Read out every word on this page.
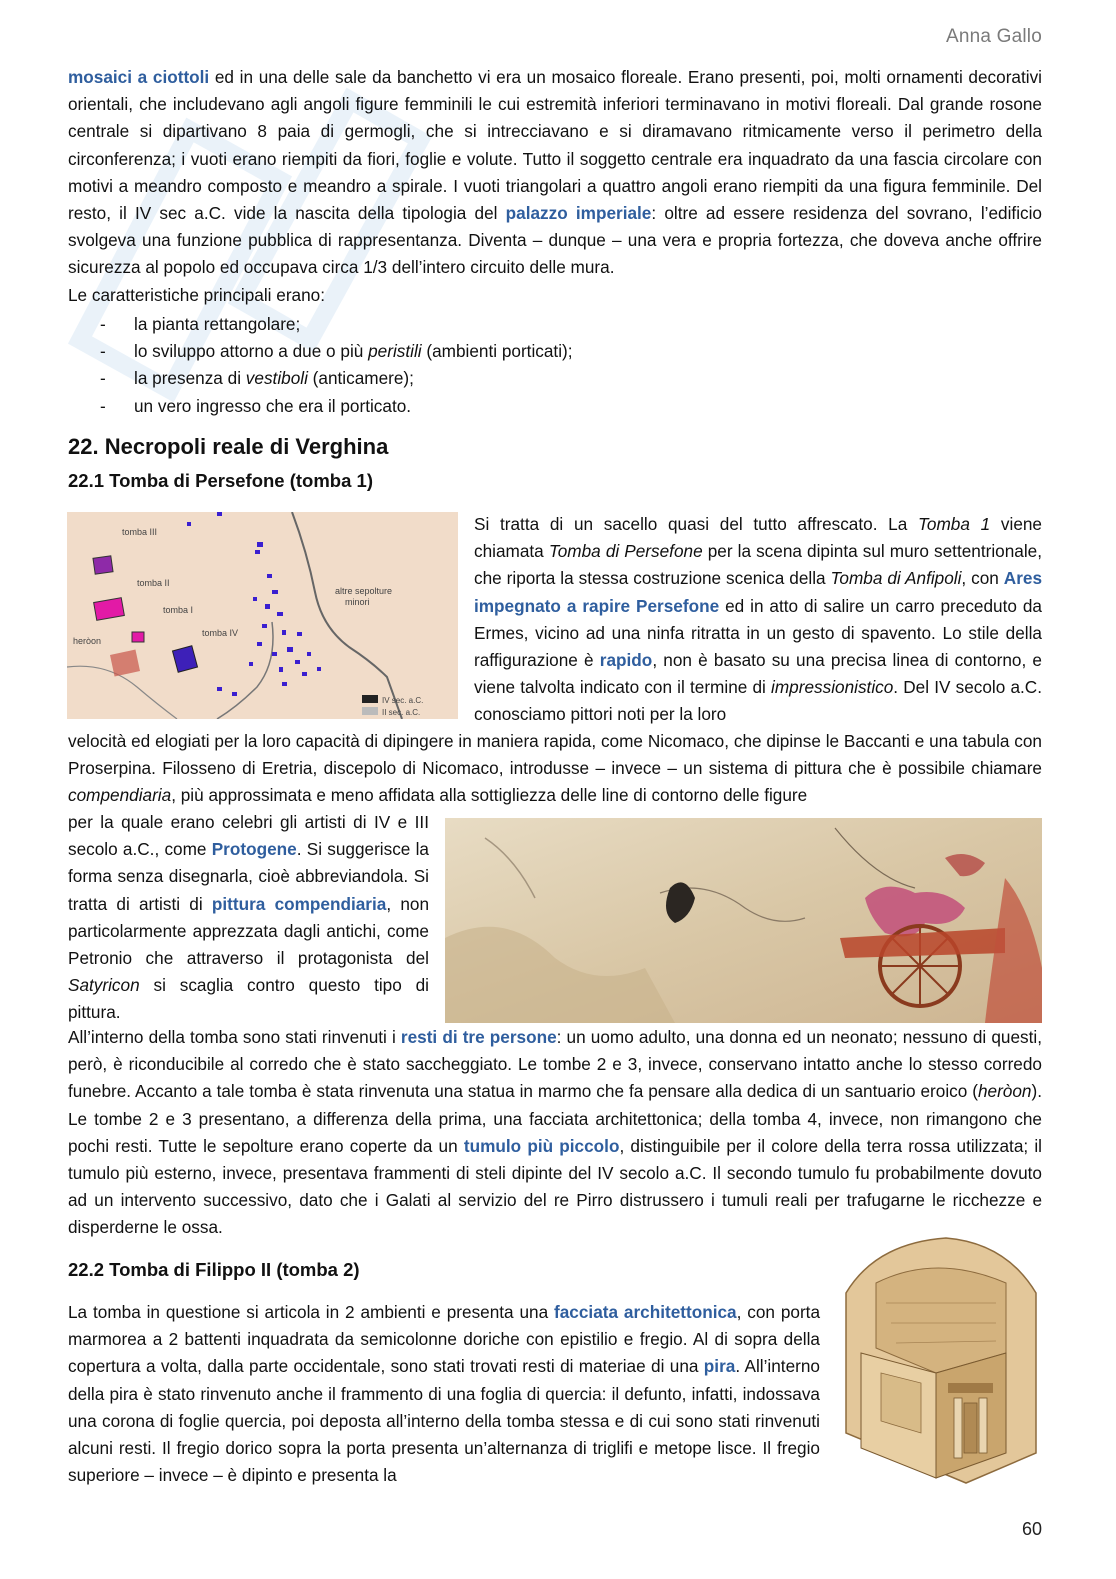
Anna Gallo
mosaici a ciottoli ed in una delle sale da banchetto vi era un mosaico floreale. Erano presenti, poi, molti ornamenti decorativi orientali, che includevano agli angoli figure femminili le cui estremità inferiori terminavano in motivi floreali. Dal grande rosone centrale si dipartivano 8 paia di germogli, che si intrecciavano e si diramavano ritmicamente verso il perimetro della circonferenza; i vuoti erano riempiti da fiori, foglie e volute. Tutto il soggetto centrale era inquadrato da una fascia circolare con motivi a meandro composto e meandro a spirale. I vuoti triangolari a quattro angoli erano riempiti da una figura femminile. Del resto, il IV sec a.C. vide la nascita della tipologia del palazzo imperiale: oltre ad essere residenza del sovrano, l’edificio svolgeva una funzione pubblica di rappresentanza. Diventa – dunque – una vera e propria fortezza, che doveva anche offrire sicurezza al popolo ed occupava circa 1/3 dell’intero circuito delle mura.
Le caratteristiche principali erano:
-	la pianta rettangolare;
-	lo sviluppo attorno a due o più peristili (ambienti porticati);
-	la presenza di vestiboli (anticamere);
-	un vero ingresso che era il porticato.
22. Necropoli reale di Verghina
22.1 Tomba di Persefone (tomba 1)
tomba III
tomba II
tomba I
tomba IV
heròon
altre sepolture
minori
IV sec. a.C.
II sec. a.C.
Si tratta di un sacello quasi del tutto affrescato. La Tomba 1 viene chiamata Tomba di Persefone per la scena dipinta sul muro settentrionale, che riporta la stessa costruzione scenica della Tomba di Anfipoli, con Ares impegnato a rapire Persefone ed in atto di salire un carro preceduto da Ermes, vicino ad una ninfa ritratta in un gesto di spavento. Lo stile della raffigurazione è rapido, non è basato su una precisa linea di contorno, e viene talvolta indicato con il termine di impressionistico. Del IV secolo a.C. conosciamo pittori noti per la loro
velocità ed elogiati per la loro capacità di dipingere in maniera rapida, come Nicomaco, che dipinse le Baccanti e una tabula con Proserpina. Filosseno di Eretria, discepolo di Nicomaco, introdusse – invece – un sistema di pittura che è possibile chiamare compendiaria, più approssimata e meno affidata alla sottigliezza delle line di contorno delle figure
per la quale erano celebri gli artisti di IV e III secolo a.C., come Protogene. Si suggerisce la forma senza disegnarla, cioè abbreviandola. Si tratta di artisti di pittura compendiaria, non particolarmente apprezzata dagli antichi, come Petronio che attraverso il protagonista del Satyricon si scaglia contro questo tipo di pittura.
All’interno della tomba sono stati rinvenuti i resti di tre persone: un uomo adulto, una donna ed un neonato; nessuno di questi, però, è riconducibile al corredo che è stato saccheggiato. Le tombe 2 e 3, invece, conservano intatto anche lo stesso corredo funebre. Accanto a tale tomba è stata rinvenuta una statua in marmo che fa pensare alla dedica di un santuario eroico (heròon). Le tombe 2 e 3 presentano, a differenza della prima, una facciata architettonica; della tomba 4, invece, non rimangono che pochi resti. Tutte le sepolture erano coperte da un tumulo più piccolo, distinguibile per il colore della terra rossa utilizzata; il tumulo più esterno, invece, presentava frammenti di steli dipinte del IV secolo a.C. Il secondo tumulo fu probabilmente dovuto ad un intervento successivo, dato che i Galati al servizio del re Pirro distrussero i tumuli reali per trafugarne le ricchezze e disperderne le ossa.
22.2 Tomba di Filippo II (tomba 2)
La tomba in questione si articola in 2 ambienti e presenta una facciata architettonica, con porta marmorea a 2 battenti inquadrata da semicolonne doriche con epistilio e fregio. Al di sopra della copertura a volta, dalla parte occidentale, sono stati trovati resti di materiae di una pira. All’interno della pira è stato rinvenuto anche il frammento di una foglia di quercia: il defunto, infatti, indossava una corona di foglie quercia, poi deposta all’interno della tomba stessa e di cui sono stati rinvenuti alcuni resti. Il fregio dorico sopra la porta presenta un’alternanza di triglifi e metope lisce. Il fregio superiore – invece – è dipinto e presenta la
60
